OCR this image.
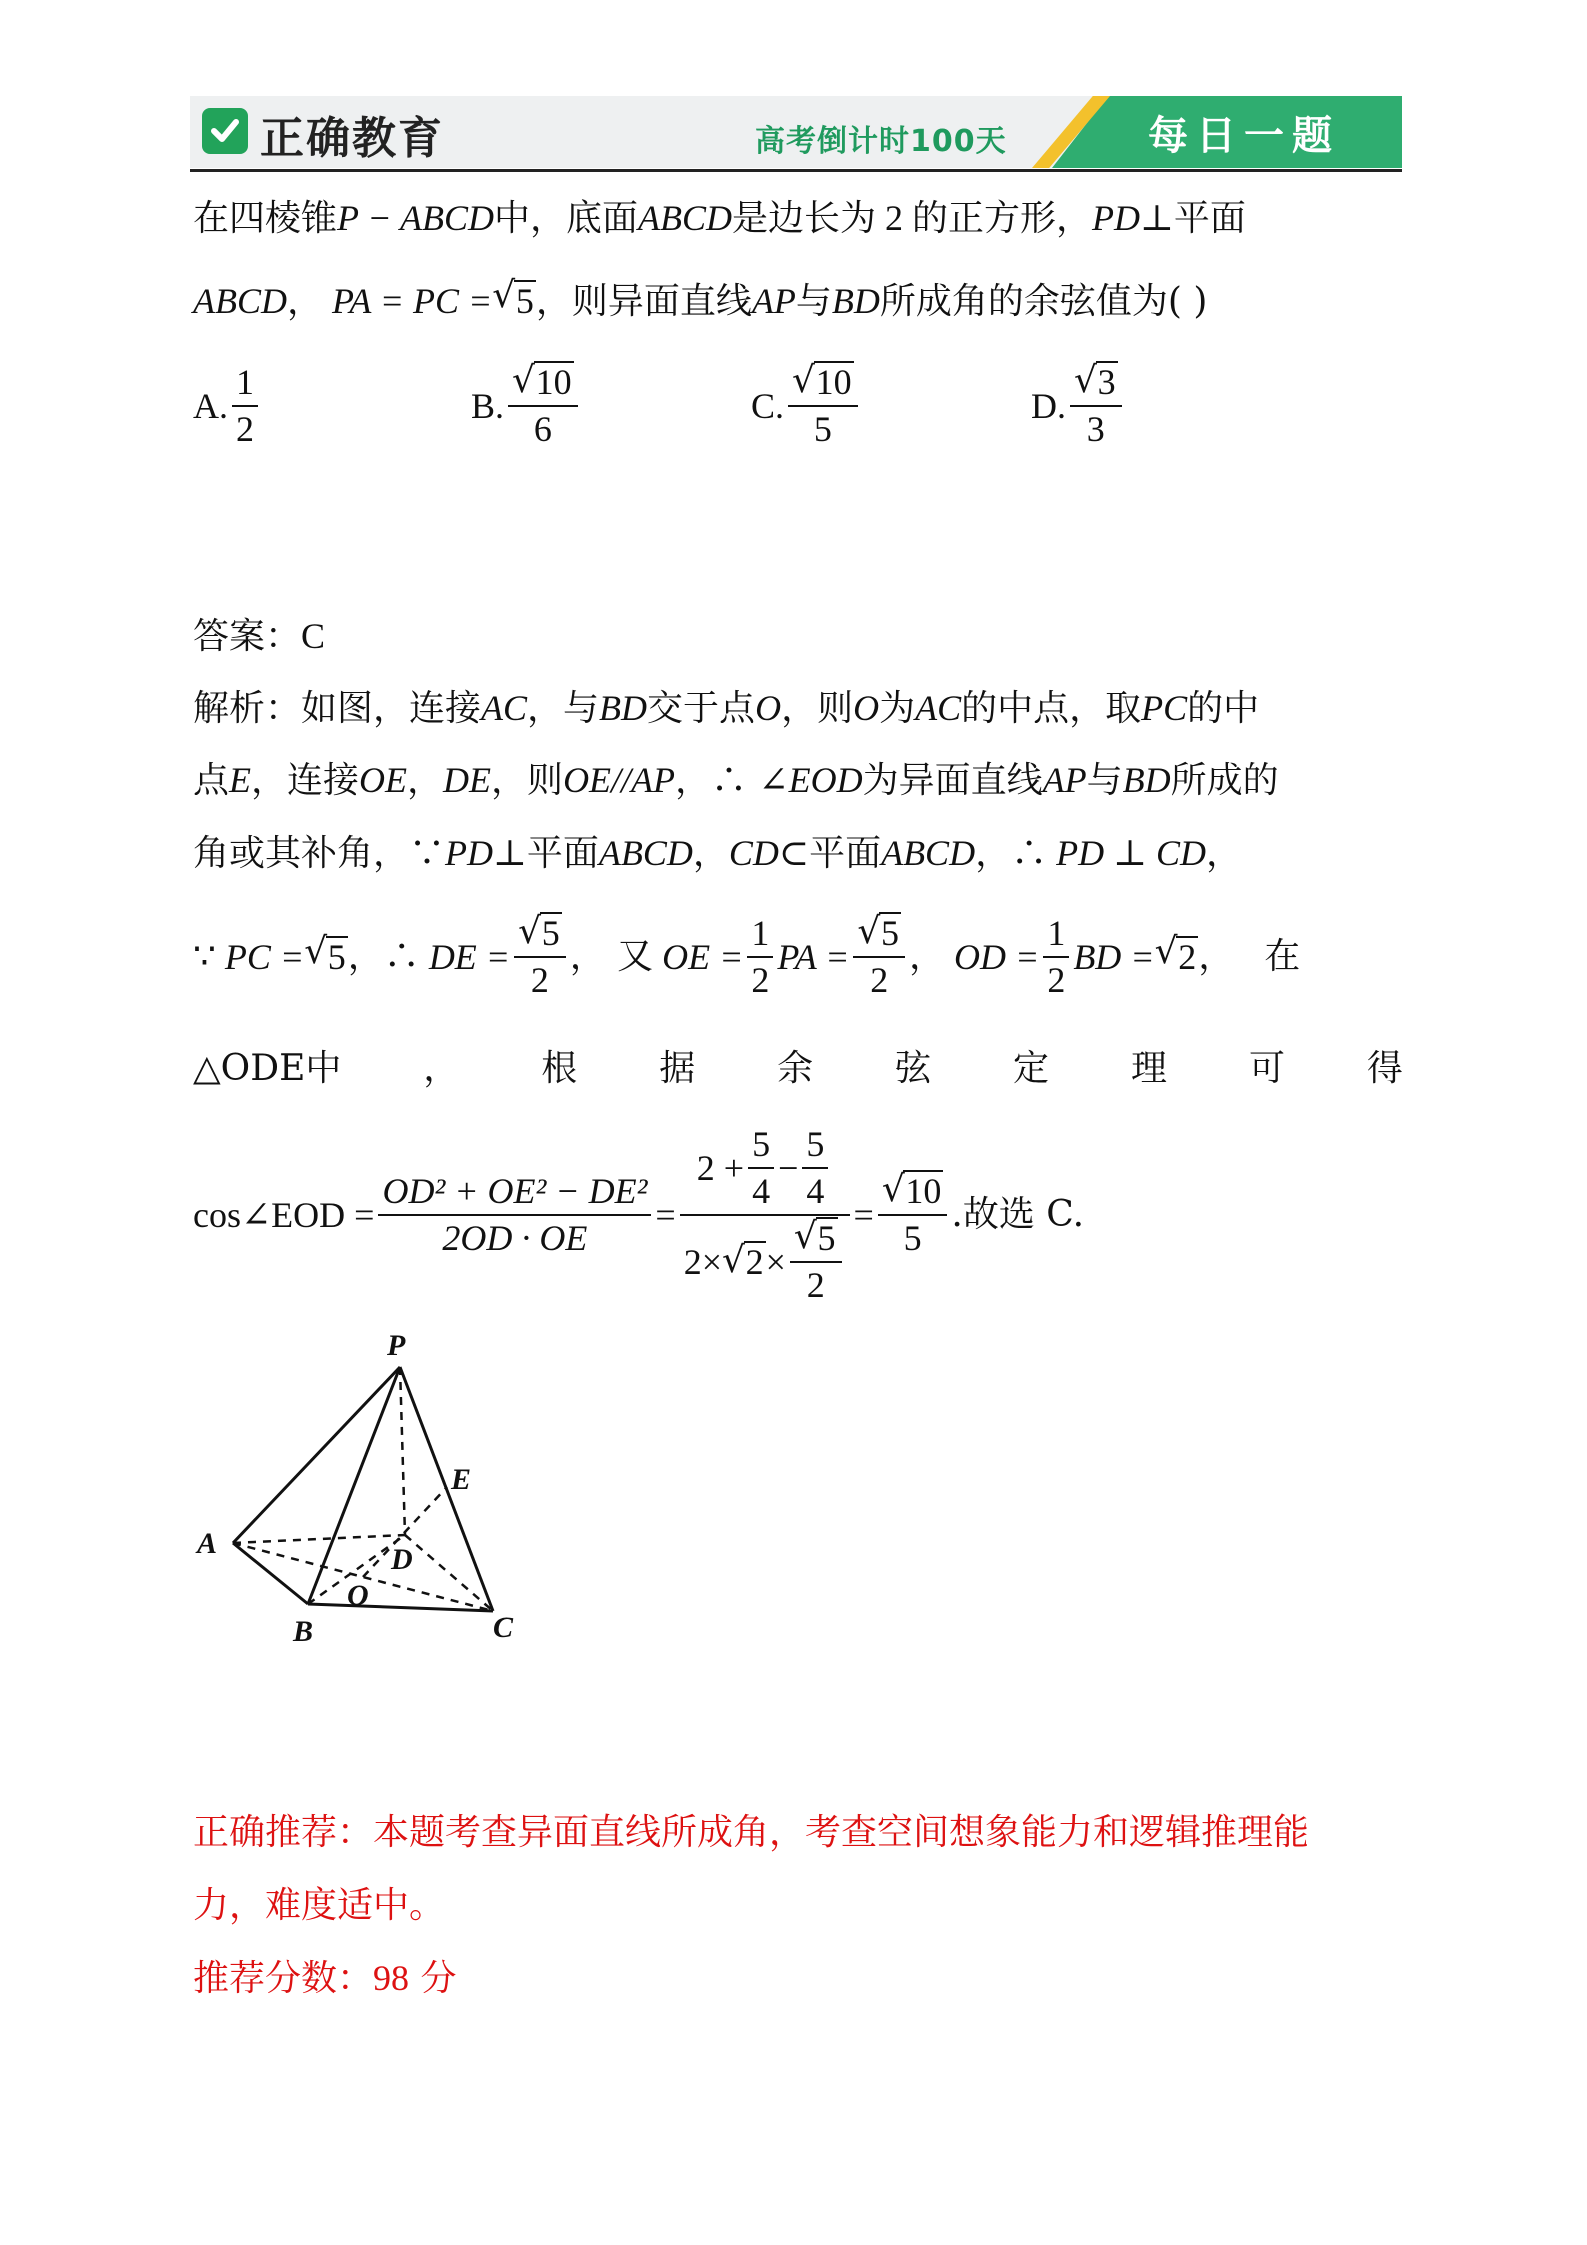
正确教育	高考倒计时100天	每日一题
在四棱锥P − ABCD中，底面ABCD是边长为 2 的正方形，PD⊥平面
ABCD， PA = PC =√ 5，则异面直线AP与BD所成角的余弦值为( )
A. $\frac{1}{2}$	B.
√ $\frac{10}{6}$	C.
√ $\frac{10}{5}$	D.
√ $\frac{3}{3}$
答案：C
解析：如图，连接AC，与BD交于点O，则O为AC的中点，取PC的中
点E，连接OE，DE，则OE//AP，∴ ∠EOD为异面直线AP与BD所成的
角或其补角，∵PD⊥平面ABCD，CD⊂平面ABCD，∴ PD ⊥ CD，
∵ PC =
√ 5 ，∴ DE =
√ $\frac{5}{2}$ ， 又 OE = $\frac{1}{2}$ PA =
√ $\frac{5}{2}$ ， OD = $\frac{1}{2}$ BD =
√ 2 ， 在
△ODE中 ， 根 据 余 弦 定 理 可 得
cos∠EOD = $\frac{\text{OD² + OE² − DE²}}{2OD \cdot OE} = 2 + \frac{5}{4} - \frac{5}{4}$
2×
√ 2 ×
√ $\frac{5}{2}$ =
√ $\frac{10}{5}$ .故选 C.
P
A
B	C
D
E
O
正确推荐：本题考查异面直线所成角，考查空间想象能力和逻辑推理能
力，难度适中。
推荐分数：98 分
